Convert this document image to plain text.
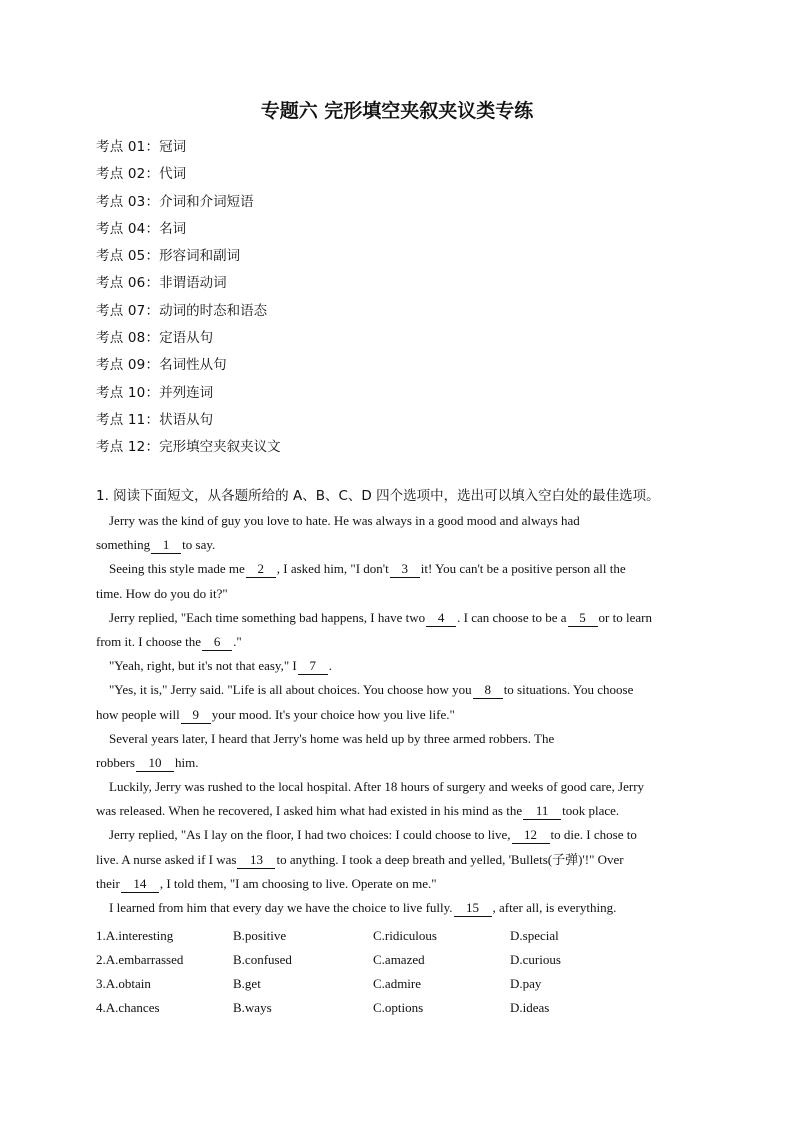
专题六 完形填空夹叙夹议类专练
考点 01：冠词
考点 02：代词
考点 03：介词和介词短语
考点 04：名词
考点 05：形容词和副词
考点 06：非谓语动词
考点 07：动词的时态和语态
考点 08：定语从句
考点 09：名词性从句
考点 10：并列连词
考点 11：状语从句
考点 12：完形填空夹叙夹议文
1. 阅读下面短文，从各题所给的 A、B、C、D 四个选项中，选出可以填入空白处的最佳选项。
Jerry was the kind of guy you love to hate. He was always in a good mood and always had
something 1 to say.
Seeing this style made me 2 , I asked him, "I don't 3 it! You can't be a positive person all the
time. How do you do it?"
Jerry replied, "Each time something bad happens, I have two 4 . I can choose to be a 5 or to learn
from it. I choose the 6 ."
"Yeah, right, but it's not that easy," I 7 .
"Yes, it is," Jerry said. "Life is all about choices. You choose how you 8 to situations. You choose
how people will 9 your mood. It's your choice how you live life."
Several years later, I heard that Jerry's home was held up by three armed robbers. The
robbers 10 him.
Luckily, Jerry was rushed to the local hospital. After 18 hours of surgery and weeks of good care, Jerry
was released. When he recovered, I asked him what had existed in his mind as the 11 took place.
Jerry replied, "As I lay on the floor, I had two choices: I could choose to live, 12 to die. I chose to
live. A nurse asked if I was 13 to anything. I took a deep breath and yelled, 'Bullets(子弹)'!" Over
their 14 , I told them, "I am choosing to live. Operate on me."
I learned from him that every day we have the choice to live fully. 15 , after all, is everything.
1.A.interesting	B.positive	C.ridiculous	D.special
2.A.embarrassed	B.confused	C.amazed	D.curious
3.A.obtain	B.get	C.admire	D.pay
4.A.chances	B.ways	C.options	D.ideas
